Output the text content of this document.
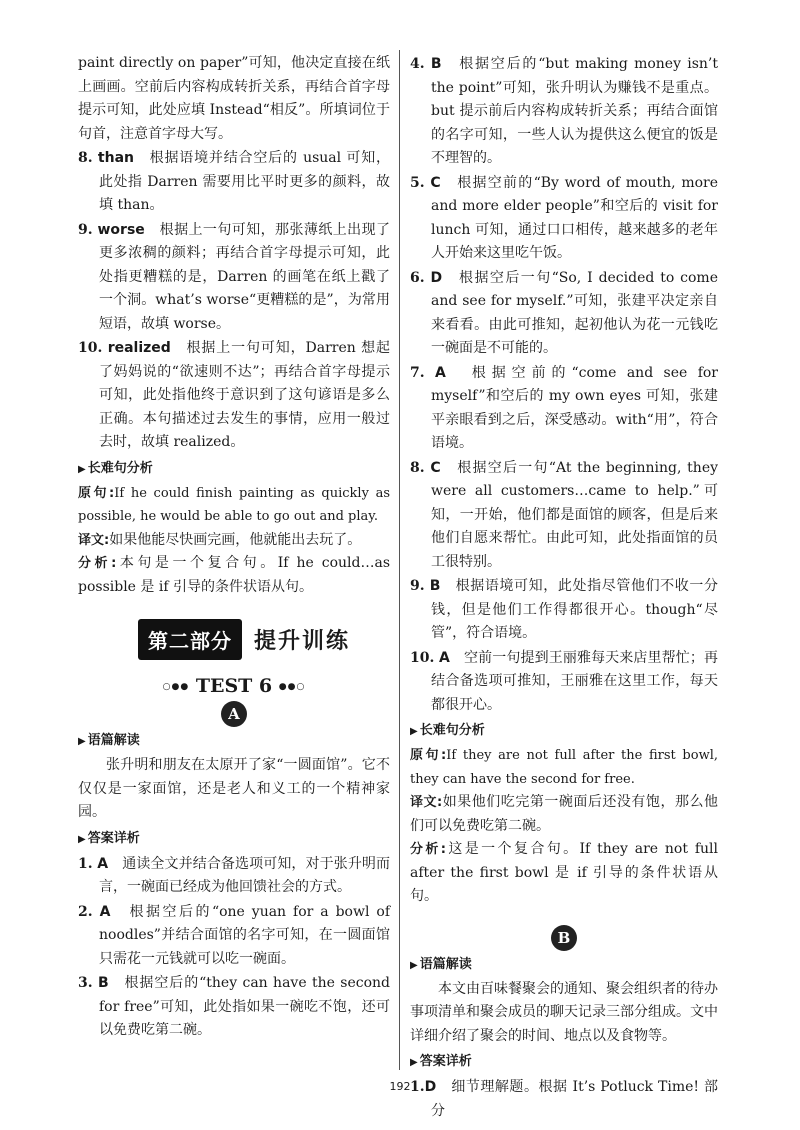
paint directly on paper”可知，他决定直接在纸上画画。空前后内容构成转折关系，再结合首字母提示可知，此处应填 Instead“相反”。所填词位于句首，注意首字母大写。

8. than　 根据语境并结合空后的 usual 可知，此处指 Darren 需要用比平时更多的颜料，故填 than。

9. worse　 根据上一句可知，那张薄纸上出现了更多浓稠的颜料；再结合首字母提示可知，此处指更糟糕的是，Darren 的画笔在纸上戳了一个洞。what’s worse“更糟糕的是”，为常用短语，故填 worse。

10. realized　 根据上一句可知，Darren 想起了妈妈说的“欲速则不达”；再结合首字母提示可知，此处指他终于意识到了这句谚语是多么正确。本句描述过去发生的事情，应用一般过去时，故填 realized。

▶ 长难句分析

原句:If he could finish painting as quickly as possible, he would be able to go out and play.

译文:如果他能尽快画完画，他就能出去玩了。

分析:本句是一个复合句。If he could…as possible 是 if 引导的条件状语从句。

第二部分	提升训练
○●● TEST 6 ●●○
A
▶ 语篇解读

张升明和朋友在太原开了家“一圆面馆”。它不仅仅是一家面馆，还是老人和义工的一个精神家园。

▶ 答案详析

1. A　 通读全文并结合备选项可知，对于张升明而言，一碗面已经成为他回馈社会的方式。

2. A　 根据空后的“one yuan for a bowl of noodles”并结合面馆的名字可知，在一圆面馆只需花一元钱就可以吃一碗面。

3. B　 根据空后的“they can have the second for free”可知，此处指如果一碗吃不饱，还可以免费吃第二碗。

4. B　 根据空后的“but making money isn’t the point”可知，张升明认为赚钱不是重点。but 提示前后内容构成转折关系；再结合面馆的名字可知，一些人认为提供这么便宜的饭是不理智的。

5. C　 根据空前的“By word of mouth, more and more elder people”和空后的 visit for lunch 可知，通过口口相传，越来越多的老年人开始来这里吃午饭。

6. D　 根据空后一句“So, I decided to come and see for myself.”可知，张建平决定亲自来看看。由此可推知，起初他认为花一元钱吃一碗面是不可能的。

7. A　 根据空前的“come and see for myself”和空后的 my own eyes 可知，张建平亲眼看到之后，深受感动。with“用”，符合语境。

8. C　 根据空后一句“At the beginning, they were all customers…came to help.”可知，一开始，他们都是面馆的顾客，但是后来他们自愿来帮忙。由此可知，此处指面馆的员工很特别。

9. B　 根据语境可知，此处指尽管他们不收一分钱，但是他们工作得都很开心。though“尽管”，符合语境。

10. A　 空前一句提到王丽雅每天来店里帮忙；再结合备选项可推知，王丽雅在这里工作，每天都很开心。

▶ 长难句分析

原句:If they are not full after the first bowl, they can have the second for free.

译文:如果他们吃完第一碗面后还没有饱，那么他们可以免费吃第二碗。

分析:这是一个复合句。If they are not full after the first bowl 是 if 引导的条件状语从句。

B
▶ 语篇解读

本文由百味餐聚会的通知、聚会组织者的待办事项清单和聚会成员的聊天记录三部分组成。文中详细介绍了聚会的时间、地点以及食物等。

▶ 答案详析

1.D　 细节理解题。根据 It’s Potluck Time! 部分

192
